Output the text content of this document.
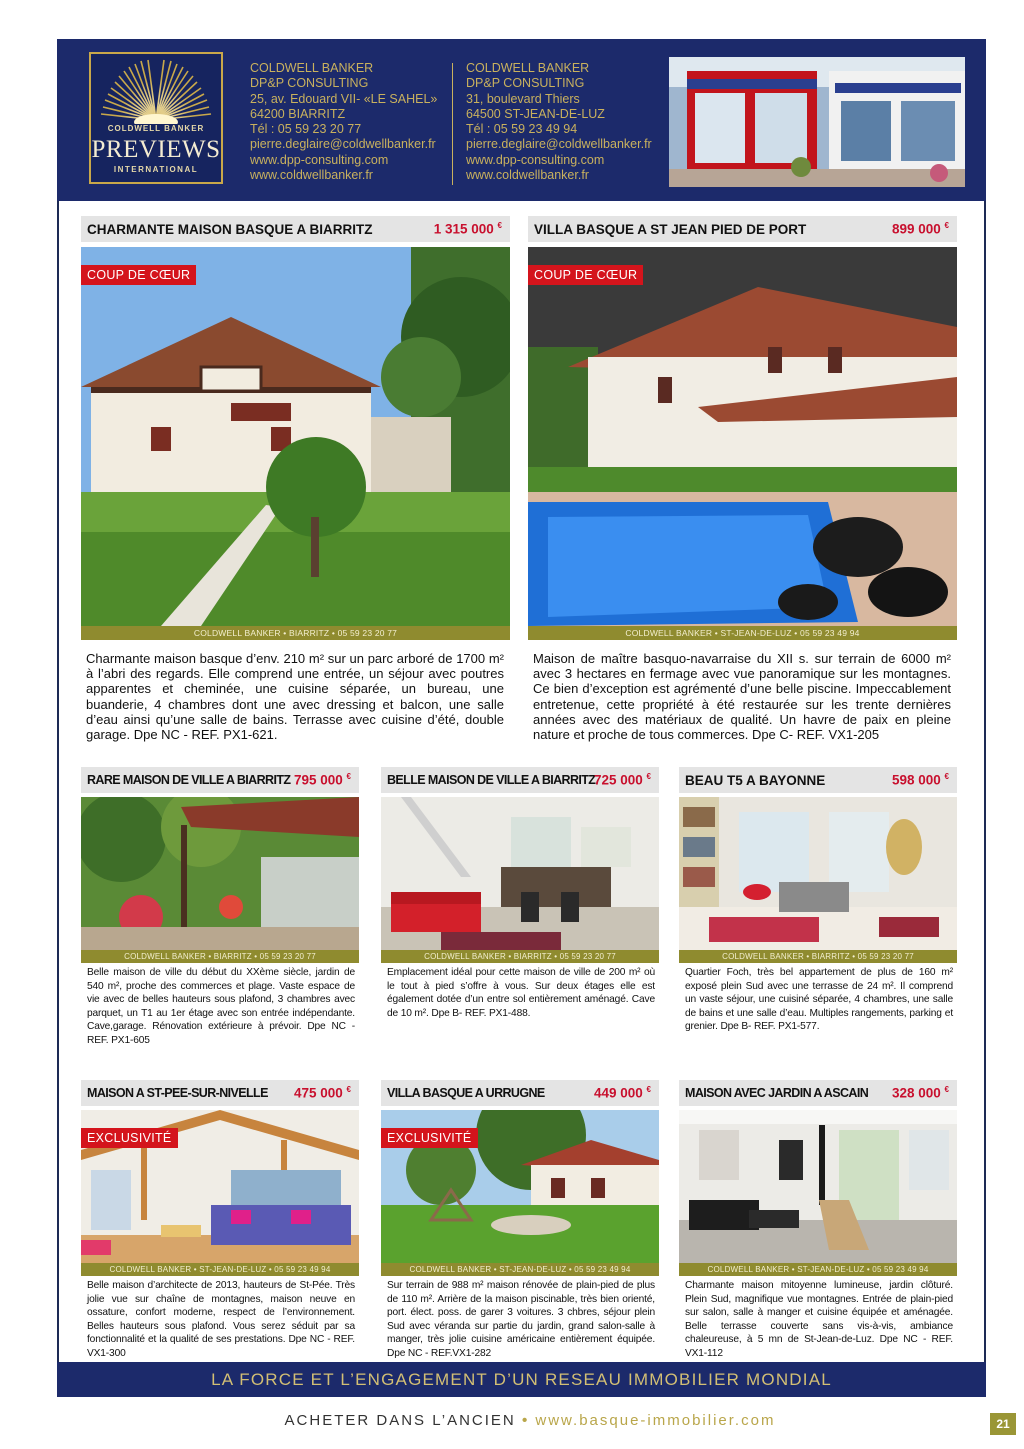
COLDWELL BANKER
PREVIEWS
INTERNATIONAL
COLDWELL BANKER
DP&P CONSULTING
25, av. Edouard VII- «LE SAHEL»
64200 BIARRITZ
Tél : 05 59 23 20 77
pierre.deglaire@coldwellbanker.fr
www.dpp-consulting.com
www.coldwellbanker.fr
COLDWELL BANKER
DP&P CONSULTING
31, boulevard Thiers
64500 ST-JEAN-DE-LUZ
Tél : 05 59 23 49 94
pierre.deglaire@coldwellbanker.fr
www.dpp-consulting.com
www.coldwellbanker.fr
CHARMANTE MAISON BASQUE A BIARRITZ	1 315 000 €
COUP DE CŒUR
COLDWELL BANKER • BIARRITZ • 05 59 23 20 77
Charmante maison basque d’env. 210 m² sur un parc arboré de 1700 m² à l’abri des regards. Elle comprend une entrée, un séjour avec poutres apparentes et cheminée, une cuisine séparée, un bureau, une buanderie, 4 chambres dont une avec dressing et balcon, une salle d’eau ainsi qu’une salle de bains. Terrasse avec cuisine d’été, double garage. Dpe NC - REF. PX1-621.
VILLA BASQUE A ST JEAN PIED DE PORT	899 000 €
COUP DE CŒUR
COLDWELL BANKER • ST-JEAN-DE-LUZ • 05 59 23 49 94
Maison de maître basquo-navarraise du XII s. sur terrain de 6000 m² avec 3 hectares en fermage avec vue panoramique sur les montagnes. Ce bien d’exception est agrémenté d’une belle piscine. Impeccablement entretenue, cette propriété à été restaurée sur les trente dernières années avec des matériaux de qualité. Un havre de paix en pleine nature et proche de tous commerces. Dpe C- REF. VX1-205
RARE MAISON DE VILLE A BIARRITZ 795 000 €
COLDWELL BANKER • BIARRITZ • 05 59 23 20 77
Belle maison de ville du début du XXème siècle, jardin de 540 m², proche des commerces et plage. Vaste espace de vie avec de belles hauteurs sous plafond, 3 chambres avec parquet, un T1 au 1er étage avec son entrée indépendante. Cave,garage. Rénovation extérieure à prévoir. Dpe NC - REF. PX1-605
BELLE MAISON DE VILLE A BIARRITZ
725 000 €
COLDWELL BANKER • BIARRITZ • 05 59 23 20 77
Emplacement idéal pour cette maison de ville de 200 m² où le tout à pied s’offre à vous. Sur deux étages elle est également dotée d’un entre sol entièrement aménagé. Cave de 10 m². Dpe B- REF. PX1-488.
BEAU T5 A BAYONNE	598 000 €
COLDWELL BANKER • BIARRITZ • 05 59 23 20 77
Quartier Foch, très bel appartement de plus de 160 m² exposé plein Sud avec une terrasse de 24 m². Il comprend un vaste séjour, une cuisiné séparée, 4 chambres, une salle de bains et une salle d’eau. Multiples rangements, parking et grenier. Dpe B- REF. PX1-577.
MAISON A ST-PEE-SUR-NIVELLE 475 000 €
EXCLUSIVITÉ
COLDWELL BANKER • ST-JEAN-DE-LUZ • 05 59 23 49 94
Belle maison d’architecte de 2013, hauteurs de St-Pée. Très jolie vue sur chaîne de montagnes, maison neuve en ossature, confort moderne, respect de l’environnement. Belles hauteurs sous plafond. Vous serez séduit par sa fonctionnalité et la qualité de ses prestations. Dpe NC - REF. VX1-300
VILLA BASQUE A URRUGNE	449 000 €
EXCLUSIVITÉ
COLDWELL BANKER • ST-JEAN-DE-LUZ • 05 59 23 49 94
Sur terrain de 988 m² maison rénovée de plain-pied de plus de 110 m². Arrière de la maison piscinable, très bien orienté, port. élect. poss. de garer 3 voitures. 3 chbres, séjour plein Sud avec véranda sur partie du jardin, grand salon-salle à manger, très jolie cuisine américaine entièrement équipée. Dpe NC - REF.VX1-282
MAISON AVEC JARDIN A ASCAIN 328 000 €
COLDWELL BANKER • ST-JEAN-DE-LUZ • 05 59 23 49 94
Charmante maison mitoyenne lumineuse, jardin clôturé. Plein Sud, magnifique vue montagnes. Entrée de plain-pied sur salon, salle à manger et cuisine équipée et aménagée. Belle terrasse couverte sans vis-à-vis, ambiance chaleureuse, à 5 mn de St-Jean-de-Luz. Dpe NC - REF. VX1-112
LA FORCE ET L’ENGAGEMENT D’UN RESEAU IMMOBILIER MONDIAL
ACHETER DANS L’ANCIEN • www.basque-immobilier.com	21
